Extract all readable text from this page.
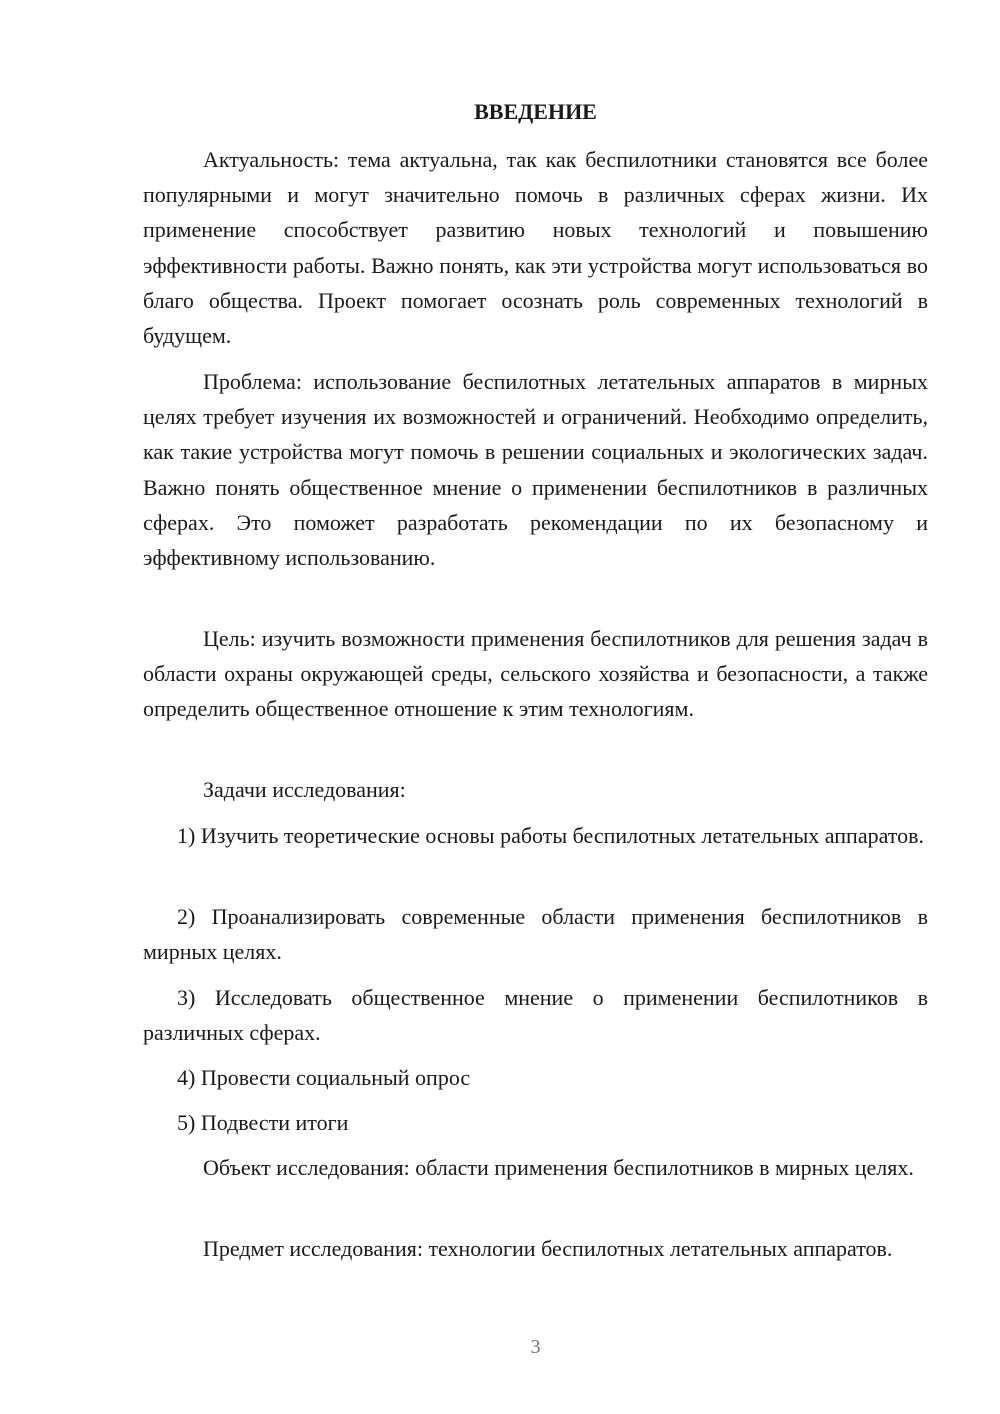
ВВЕДЕНИЕ

Актуальность: тема актуальна, так как беспилотники становятся все более популярными и могут значительно помочь в различных сферах жизни. Их применение способствует развитию новых технологий и повышению эффективности работы. Важно понять, как эти устройства могут использоваться во благо общества. Проект помогает осознать роль современных технологий в будущем.

Проблема: использование беспилотных летательных аппаратов в мирных целях требует изучения их возможностей и ограничений. Необходимо определить, как такие устройства могут помочь в решении социальных и экологических задач. Важно понять общественное мнение о применении беспилотников в различных сферах. Это поможет разработать рекомендации по их безопасному и эффективному использованию.

Цель: изучить возможности применения беспилотников для решения задач в области охраны окружающей среды, сельского хозяйства и безопасности, а также определить общественное отношение к этим технологиям.

Задачи исследования:

1) Изучить теоретические основы работы беспилотных летательных аппаратов.

2) Проанализировать современные области применения беспилотников в мирных целях.

3) Исследовать общественное мнение о применении беспилотников в различных сферах.

4) Провести социальный опрос

5) Подвести итоги

Объект исследования: области применения беспилотников в мирных целях.

Предмет исследования: технологии беспилотных летательных аппаратов.

3
